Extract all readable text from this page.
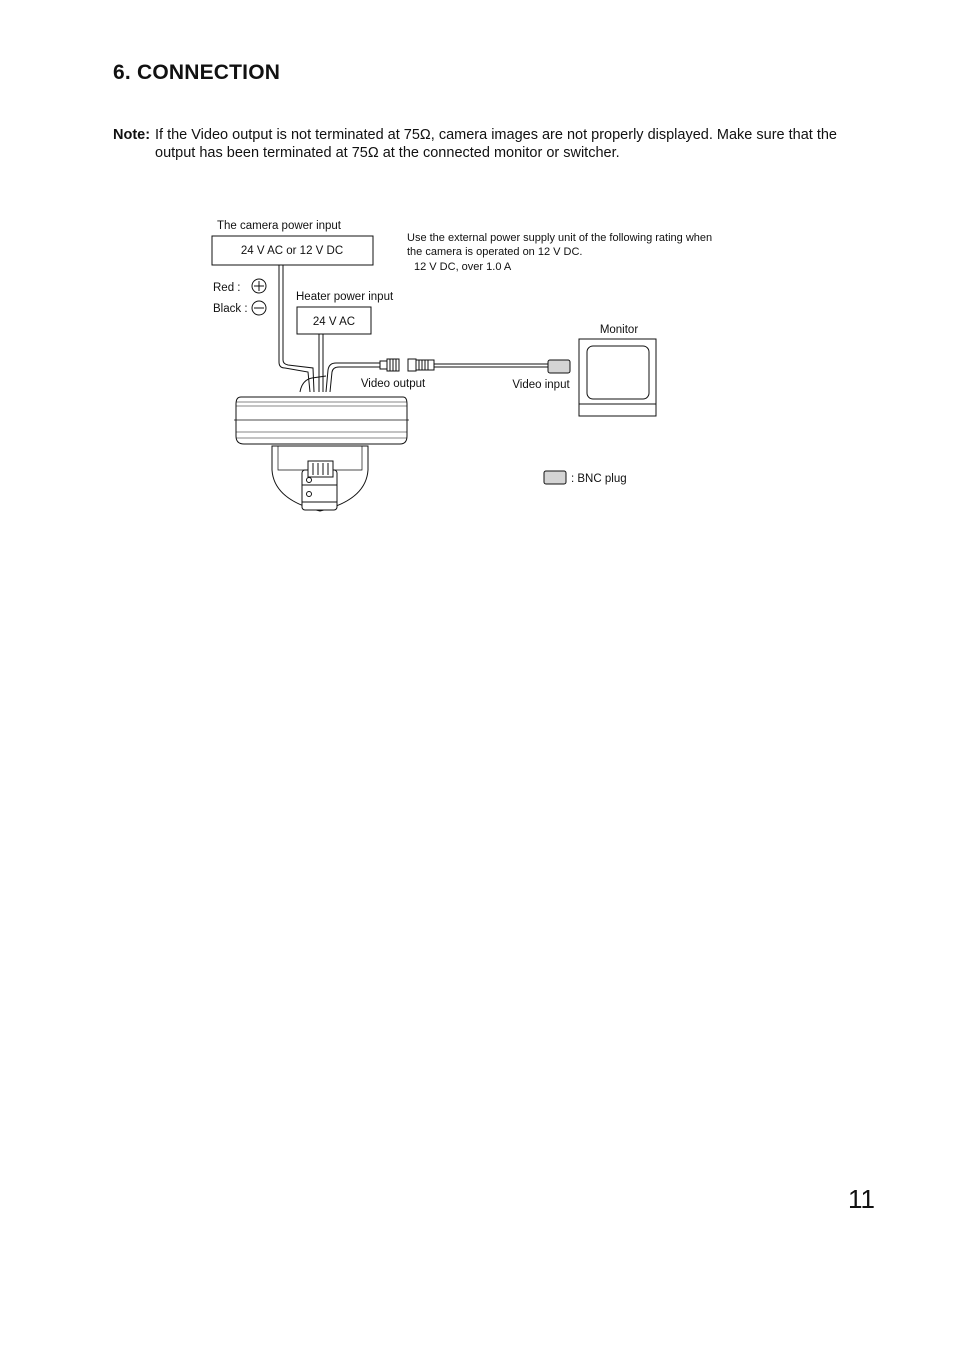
6. CONNECTION
Note: If the Video output is not terminated at 75Ω, camera images are not properly displayed. Make sure that the output has been terminated at 75Ω at the connected monitor or switcher.
The camera power input
24 V AC or 12 V DC
Use the external power supply unit of the following rating when
the camera is operated on 12 V DC.
12 V DC, over 1.0 A
Red :
Black :
Heater power input
24 V AC
Video output	Video input
Monitor
: BNC plug
11
